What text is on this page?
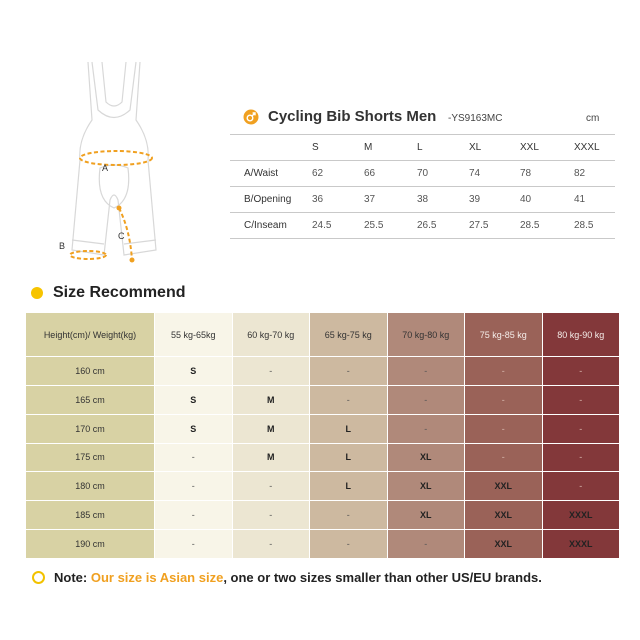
A
B
C
Cycling Bib Shorts Men -YS9163MC	cm
	S	M	L	XL	XXL	XXXL
A/Waist	62	66	70	74	78	82
B/Opening	36	37	38	39	40	41
C/Inseam	24.5	25.5	26.5	27.5	28.5	28.5
Size Recommend
Height(cm)/ Weight(kg)	55 kg-65kg	60 kg-70 kg	65 kg-75 kg	70 kg-80 kg	75 kg-85 kg	80 kg-90 kg
160 cm	S	-	-	-	-	-
165 cm	S	M	-	-	-	-
170 cm	S	M	L	-	-	-
175 cm	-	M	L	XL	-	-
180 cm	-	-	L	XL	XXL	-
185 cm	-	-	-	XL	XXL	XXXL
190 cm	-	-	-	-	XXL	XXXL
Note: Our size is Asian size, one or two sizes smaller than other US/EU brands.
